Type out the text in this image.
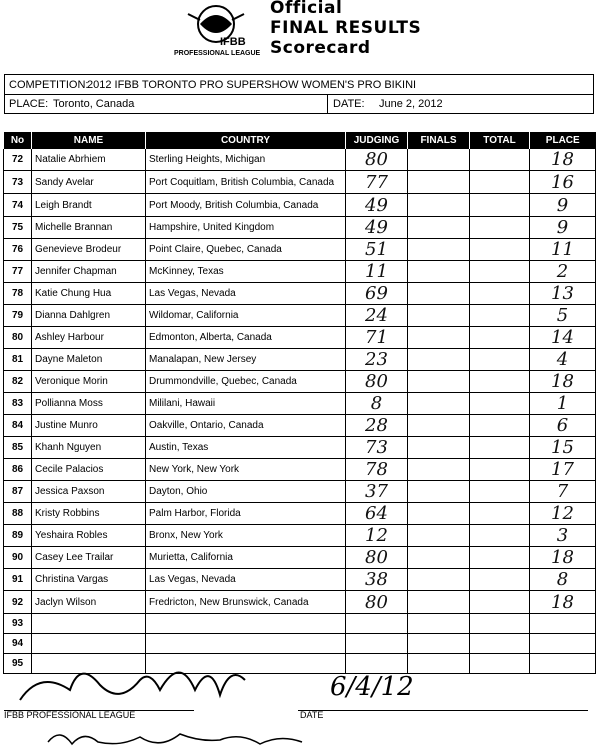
IFBB
PROFESSIONAL LEAGUE
Official
FINAL RESULTS
Scorecard
COMPETITION:
2012 IFBB TORONTO PRO SUPERSHOW WOMEN'S PRO BIKINI
PLACE: Toronto, Canada	DATE: June 2, 2012
No	NAME	COUNTRY	JUDGING	FINALS	TOTAL	PLACE
72	Natalie Abrhiem	Sterling Heights, Michigan	80			18
73	Sandy Avelar	Port Coquitlam, British Columbia, Canada	77			16
74	Leigh Brandt	Port Moody, British Columbia, Canada	49			9
75	Michelle Brannan	Hampshire, United Kingdom	49			9
76	Genevieve Brodeur	Point Claire, Quebec, Canada	51			11
77	Jennifer Chapman	McKinney, Texas	11			2
78	Katie Chung Hua	Las Vegas, Nevada	69			13
79	Dianna Dahlgren	Wildomar, California	24			5
80	Ashley Harbour	Edmonton, Alberta, Canada	71			14
81	Dayne Maleton	Manalapan, New Jersey	23			4
82	Veronique Morin	Drummondville, Quebec, Canada	80			18
83	Pollianna Moss	Mililani, Hawaii	8			1
84	Justine Munro	Oakville, Ontario, Canada	28			6
85	Khanh Nguyen	Austin, Texas	73			15
86	Cecile Palacios	New York, New York	78			17
87	Jessica Paxson	Dayton, Ohio	37			7
88	Kristy Robbins	Palm Harbor, Florida	64			12
89	Yeshaira Robles	Bronx, New York	12			3
90	Casey Lee Trailar	Murietta, California	80			18
91	Christina Vargas	Las Vegas, Nevada	38			8
92	Jaclyn Wilson	Fredricton, New Brunswick, Canada	80			18
93						
94						
95						
6/4/12
IFBB PROFESSIONAL LEAGUE	DATE
